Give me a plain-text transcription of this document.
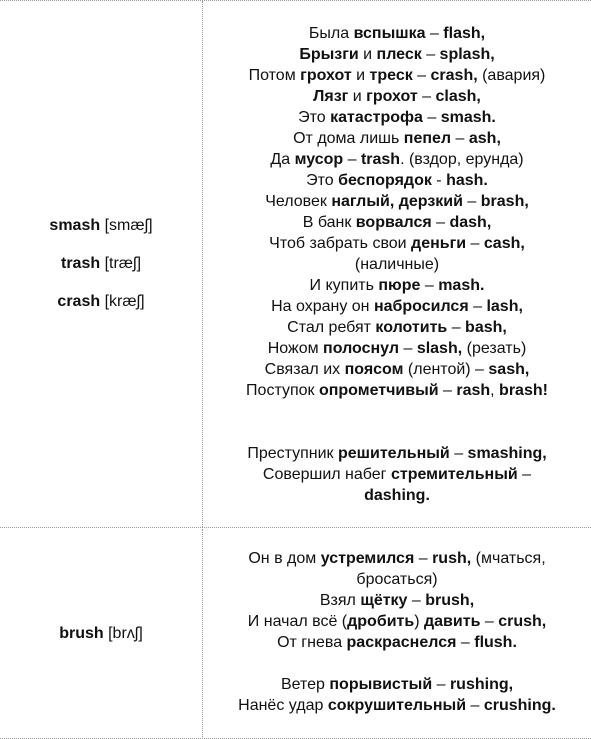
smash [smæʃ]
trash [træʃ]
crash [kræʃ]
Была вспышка – flash,
Брызги и плеск – splash,
Потом грохот и треск – crash, (авария)
Лязг и грохот – clash,
Это катастрофа – smash.
От дома лишь пепел – ash,
Да мусор – trash. (вздор, ерунда)
Это беспорядок - hash.
Человек наглый, дерзкий – brash,
В банк ворвался – dash,
Чтоб забрать свои деньги – cash,
(наличные)
И купить пюре – mash.
На охрану он набросился – lash,
Стал ребят колотить – bash,
Ножом полоснул – slash, (резать)
Связал их поясом (лентой) – sash,
Поступок опрометчивый – rash, brash!
Преступник решительный – smashing,
Совершил набег стремительный –
dashing.
brush [brʌʃ]
Он в дом устремился – rush, (мчаться,
бросаться)
Взял щётку – brush,
И начал всё (дробить) давить – crush,
От гнева раскраснелся – flush.
Ветер порывистый – rushing,
Нанёс удар сокрушительный – crushing.
